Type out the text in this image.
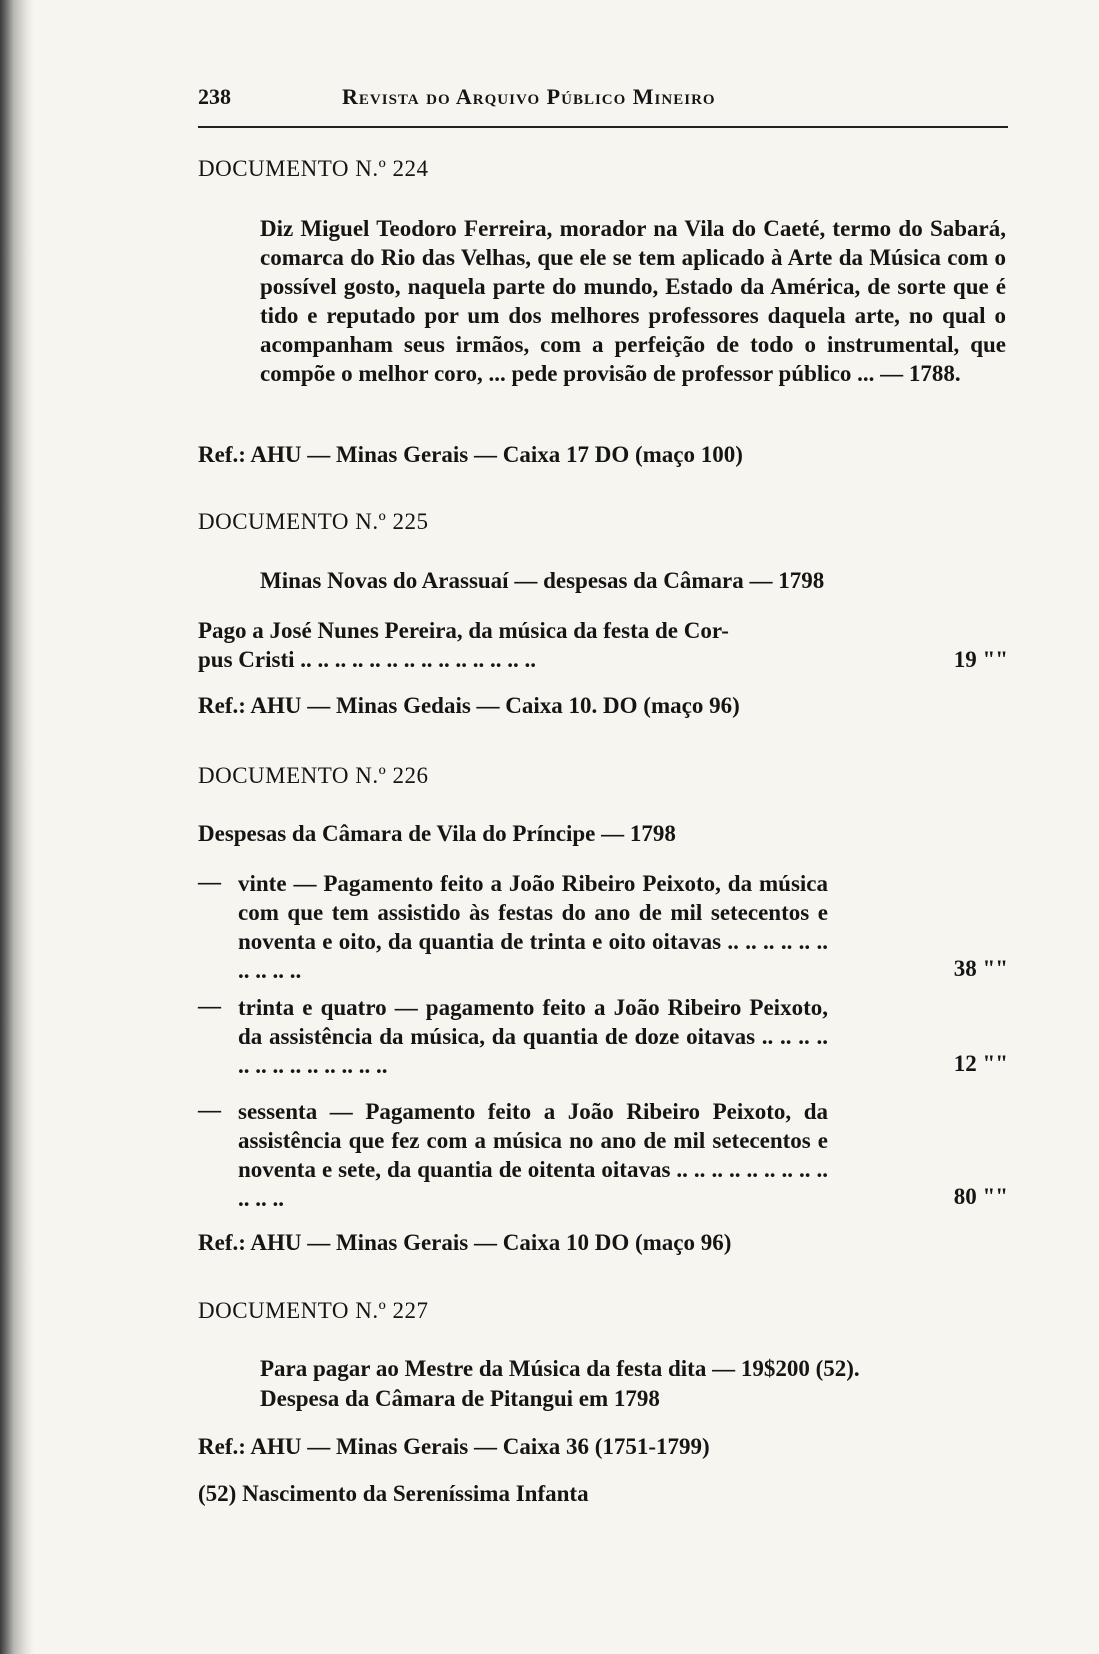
238	Revista do Arquivo Público Mineiro
DOCUMENTO N.º 224
Diz Miguel Teodoro Ferreira, morador na Vila do Caeté, termo do Sabará, comarca do Rio das Velhas, que ele se tem aplicado à Arte da Música com o possível gosto, naquela parte do mundo, Estado da América, de sorte que é tido e reputado por um dos melhores professores daquela arte, no qual o acompanham seus irmãos, com a perfeição de todo o instrumental, que compõe o melhor coro, ... pede provisão de professor público ... — 1788.
Ref.: AHU — Minas Gerais — Caixa 17 DO (maço 100)
DOCUMENTO N.º 225
Minas Novas do Arassuaí — despesas da Câmara — 1798
Pago a José Nunes Pereira, da música da festa de Cor-
pus Cristi .. .. .. .. .. .. .. .. .. .. .. .. .. ..	19 ""
Ref.: AHU — Minas Gedais — Caixa 10. DO (maço 96)
DOCUMENTO N.º 226
Despesas da Câmara de Vila do Príncipe — 1798
— vinte — Pagamento feito a João Ribeiro Peixoto, da música com que tem assistido às festas do ano de mil setecentos e noventa e oito, da quantia de trinta e oito oitavas .. .. .. .. .. .. .. .. .. ..	38 ""
— trinta e quatro — pagamento feito a João Ribeiro Peixoto, da assistência da música, da quantia de doze oitavas .. .. .. .. .. .. .. .. .. .. .. .. ..	12 ""
— sessenta — Pagamento feito a João Ribeiro Peixoto, da assistência que fez com a música no ano de mil setecentos e noventa e sete, da quantia de oitenta oitavas .. .. .. .. .. .. .. .. .. .. .. ..	80 ""
Ref.: AHU — Minas Gerais — Caixa 10 DO (maço 96)
DOCUMENTO N.º 227
Para pagar ao Mestre da Música da festa dita — 19$200 (52).
Despesa da Câmara de Pitangui em 1798
Ref.: AHU — Minas Gerais — Caixa 36 (1751-1799)
(52) Nascimento da Sereníssima Infanta
